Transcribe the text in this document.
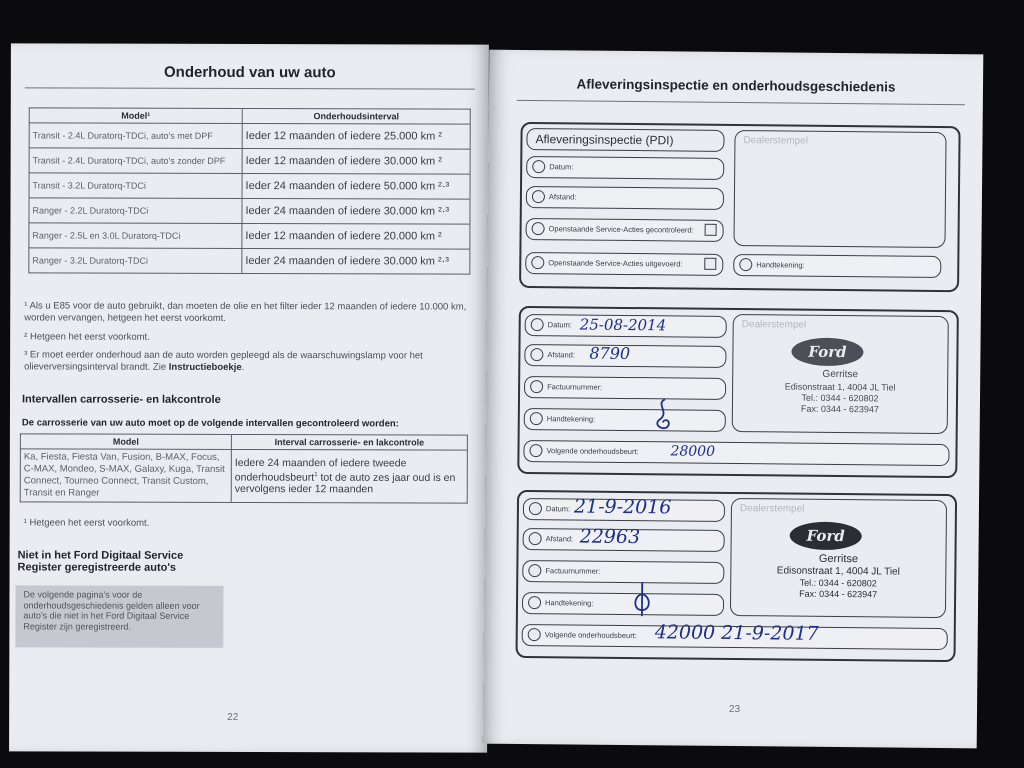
Onderhoud van uw auto
Model¹	Onderhoudsinterval
Transit - 2.4L Duratorq-TDCi, auto's met DPF	Ieder 12 maanden of iedere 25.000 km ²
Transit - 2.4L Duratorq-TDCi, auto's zonder DPF	Ieder 12 maanden of iedere 30.000 km ²
Transit - 3.2L Duratorq-TDCi	Ieder 24 maanden of iedere 50.000 km ²·³
Ranger - 2.2L Duratorq-TDCi	Ieder 24 maanden of iedere 30.000 km ²·³
Ranger - 2.5L en 3.0L Duratorq-TDCi	Ieder 12 maanden of iedere 20.000 km ²
Ranger - 3.2L Duratorq-TDCi	Ieder 24 maanden of iedere 30.000 km ²·³
¹ Als u E85 voor de auto gebruikt, dan moeten de olie en het filter ieder 12 maanden of iedere 10.000 km, worden vervangen, hetgeen het eerst voorkomt.
² Hetgeen het eerst voorkomt.
³ Er moet eerder onderhoud aan de auto worden gepleegd als de waarschuwingslamp voor het olieverversingsinterval brandt. Zie Instructieboekje.
Intervallen carrosserie- en lakcontrole
De carrosserie van uw auto moet op de volgende intervallen gecontroleerd worden:
Model	Interval carrosserie- en lakcontrole
Ka, Fiesta, Fiesta Van, Fusion, B-MAX, Focus, C-MAX, Mondeo, S-MAX, Galaxy, Kuga, Transit Connect, Tourneo Connect, Transit Custom, Transit en Ranger	Iedere 24 maanden of iedere tweede onderhoudsbeurt$^1$ tot de auto zes jaar oud is en vervolgens ieder 12 maanden
¹ Hetgeen het eerst voorkomt.
Niet in het Ford Digitaal Service Register geregistreerde auto's
De volgende pagina's voor de onderhoudsgeschiedenis gelden alleen voor auto's die niet in het Ford Digitaal Service Register zijn geregistreerd.
22
Afleveringsinspectie en onderhoudsgeschiedenis
Afleveringsinspectie (PDI)
Datum:
Afstand:
Openstaande Service-Acties gecontroleerd:
Openstaande Service-Acties uitgevoerd:
Dealerstempel
Handtekening:
Datum: 25-08-2014
Afstand: 8790
Factuurnummer:
Handtekening:
Volgende onderhoudsbeurt: 28000
Dealerstempel
Ford
Gerritse
Edisonstraat 1, 4004 JL Tiel
Tel.: 0344 - 620802
Fax: 0344 - 623947
Datum: 21-9-2016
Afstand: 22963
Factuurnummer:
Handtekening:
Volgende onderhoudsbeurt: 42000 21-9-2017
Dealerstempel
Ford
Gerritse
Edisonstraat 1, 4004 JL Tiel
Tel.: 0344 - 620802
Fax: 0344 - 623947
23
